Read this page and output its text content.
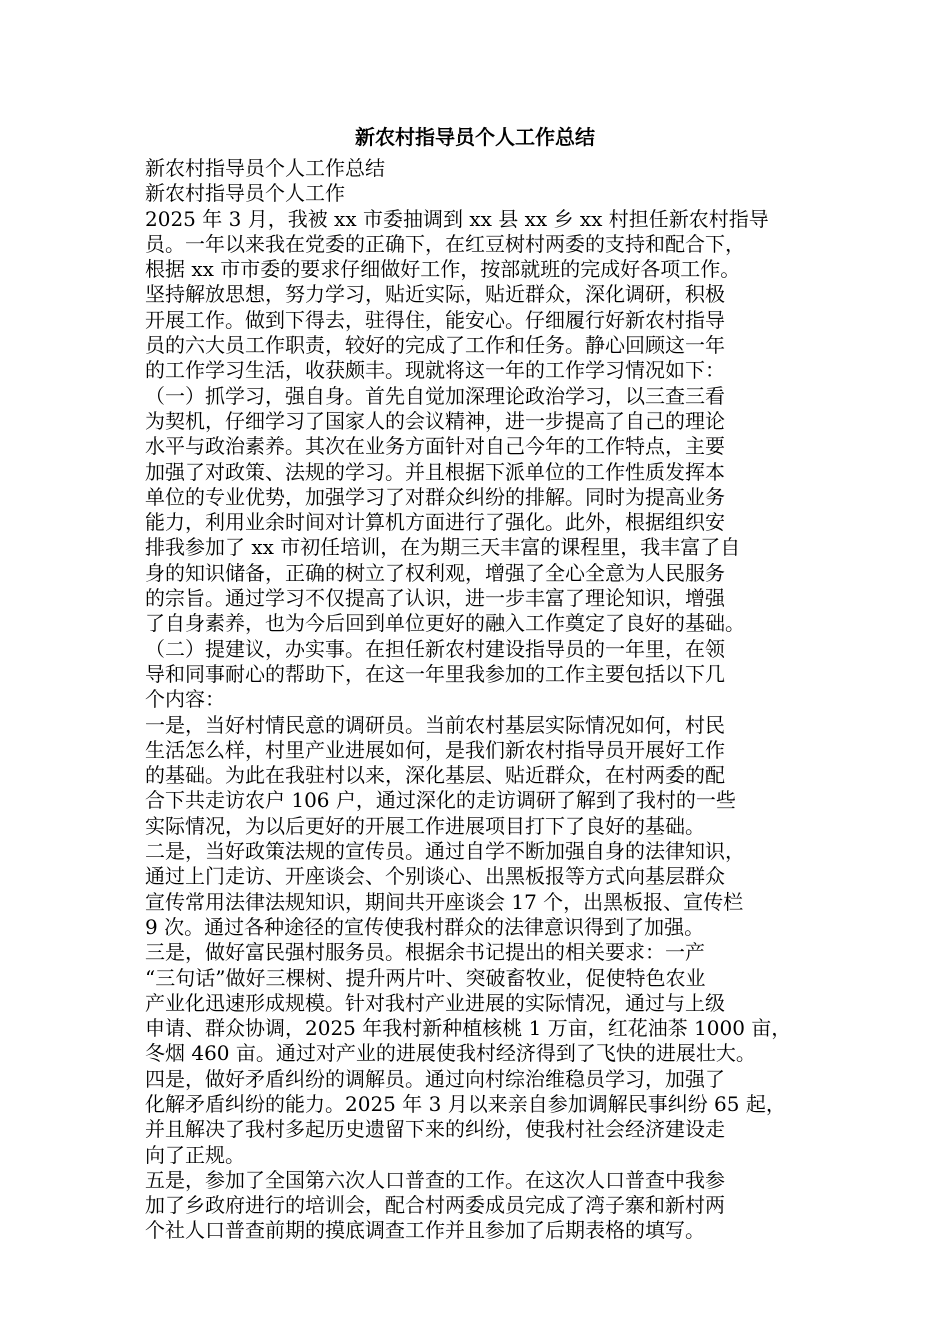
新农村指导员个人工作总结

新农村指导员个人工作总结

新农村指导员个人工作

2025 年 3 月，我被 xx 市委抽调到 xx 县 xx 乡 xx 村担任新农村指导

员。一年以来我在党委的正确下，在红豆树村两委的支持和配合下，

根据 xx 市市委的要求仔细做好工作，按部就班的完成好各项工作。

坚持解放思想，努力学习，贴近实际，贴近群众，深化调研，积极

开展工作。做到下得去，驻得住，能安心。仔细履行好新农村指导

员的六大员工作职责，较好的完成了工作和任务。静心回顾这一年

的工作学习生活，收获颇丰。现就将这一年的工作学习情况如下：

（一）抓学习，强自身。首先自觉加深理论政治学习，以三查三看

为契机，仔细学习了国家人的会议精神，进一步提高了自己的理论

水平与政治素养。其次在业务方面针对自己今年的工作特点，主要

加强了对政策、法规的学习。并且根据下派单位的工作性质发挥本

单位的专业优势，加强学习了对群众纠纷的排解。同时为提高业务

能力，利用业余时间对计算机方面进行了强化。此外，根据组织安

排我参加了 xx 市初任培训，在为期三天丰富的课程里，我丰富了自

身的知识储备，正确的树立了权利观，增强了全心全意为人民服务

的宗旨。通过学习不仅提高了认识，进一步丰富了理论知识，增强

了自身素养，也为今后回到单位更好的融入工作奠定了良好的基础。

（二）提建议，办实事。在担任新农村建设指导员的一年里，在领

导和同事耐心的帮助下，在这一年里我参加的工作主要包括以下几

个内容：

一是，当好村情民意的调研员。当前农村基层实际情况如何，村民

生活怎么样，村里产业进展如何，是我们新农村指导员开展好工作

的基础。为此在我驻村以来，深化基层、贴近群众，在村两委的配

合下共走访农户 106 户，通过深化的走访调研了解到了我村的一些

实际情况，为以后更好的开展工作进展项目打下了良好的基础。

二是，当好政策法规的宣传员。通过自学不断加强自身的法律知识，

通过上门走访、开座谈会、个别谈心、出黑板报等方式向基层群众

宣传常用法律法规知识，期间共开座谈会 17 个，出黑板报、宣传栏

9 次。通过各种途径的宣传使我村群众的法律意识得到了加强。

三是，做好富民强村服务员。根据余书记提出的相关要求：一产

“三句话”做好三棵树、提升两片叶、突破畜牧业，促使特色农业

产业化迅速形成规模。针对我村产业进展的实际情况，通过与上级

申请、群众协调，2025 年我村新种植核桃 1 万亩，红花油茶 1000 亩，

冬烟 460 亩。通过对产业的进展使我村经济得到了飞快的进展壮大。

四是，做好矛盾纠纷的调解员。通过向村综治维稳员学习，加强了

化解矛盾纠纷的能力。2025 年 3 月以来亲自参加调解民事纠纷 65 起，

并且解决了我村多起历史遗留下来的纠纷，使我村社会经济建设走

向了正规。

五是，参加了全国第六次人口普查的工作。在这次人口普查中我参

加了乡政府进行的培训会，配合村两委成员完成了湾子寨和新村两

个社人口普查前期的摸底调查工作并且参加了后期表格的填写。
